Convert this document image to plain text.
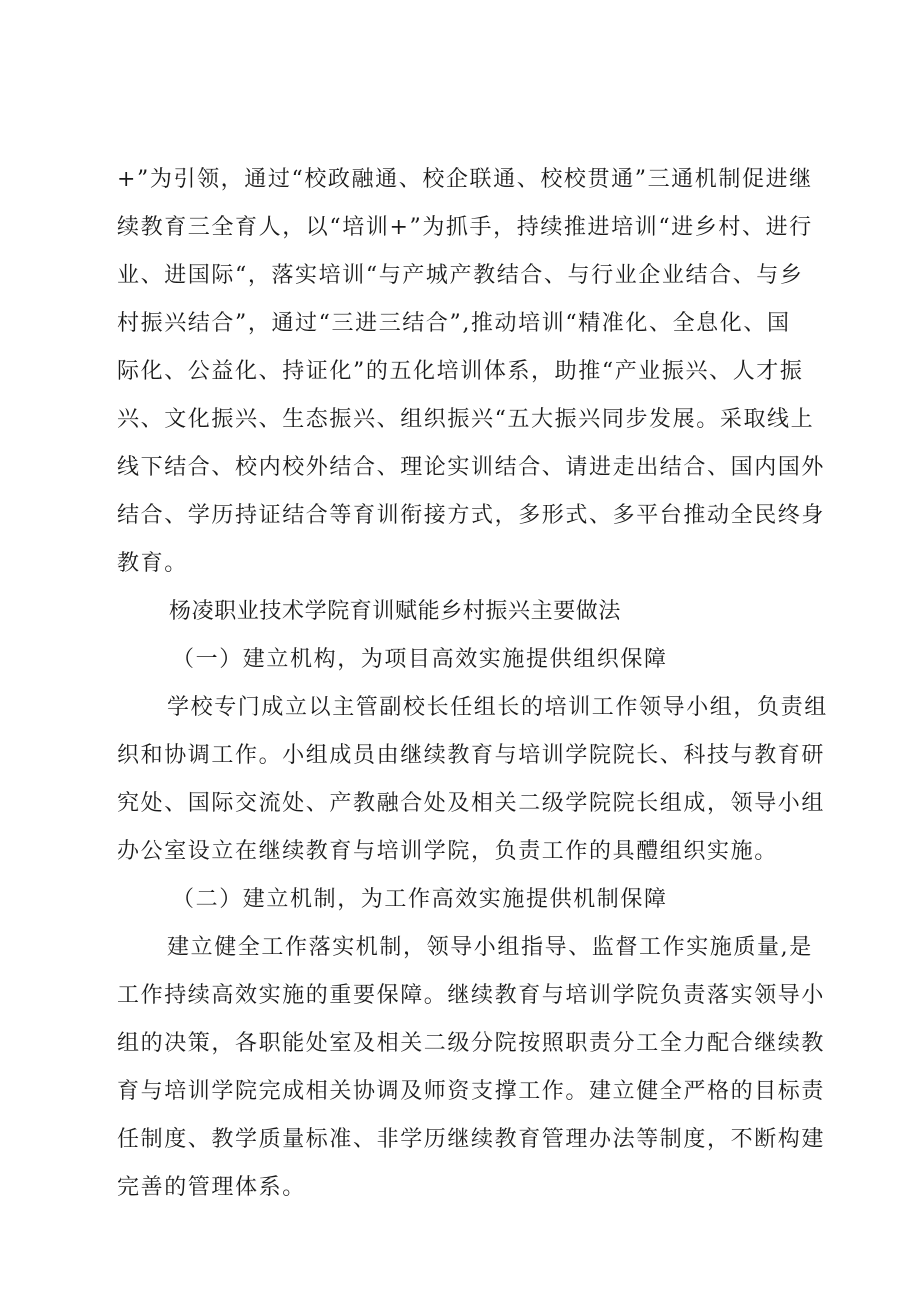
+”为引领，通过“校政融通、校企联通、校校贯通”三通机制促进继
续教育三全育人，以“培训+”为抓手，持续推进培训“进乡村、进行
业、进国际“，落实培训“与产城产教结合、与行业企业结合、与乡
村振兴结合”，通过“三进三结合”,推动培训“精准化、全息化、国
际化、公益化、持证化”的五化培训体系，助推“产业振兴、人才振
兴、文化振兴、生态振兴、组织振兴“五大振兴同步发展。采取线上
线下结合、校内校外结合、理论实训结合、请进走出结合、国内国外
结合、学历持证结合等育训衔接方式，多形式、多平台推动全民终身
教育。
杨凌职业技术学院育训赋能乡村振兴主要做法
（一）建立机构，为项目高效实施提供组织保障
学校专门成立以主管副校长任组长的培训工作领导小组，负责组
织和协调工作。小组成员由继续教育与培训学院院长、科技与教育研
究处、国际交流处、产教融合处及相关二级学院院长组成，领导小组
办公室设立在继续教育与培训学院，负责工作的具醴组织实施。
（二）建立机制，为工作高效实施提供机制保障
建立健全工作落实机制，领导小组指导、监督工作实施质量,是
工作持续高效实施的重要保障。继续教育与培训学院负责落实领导小
组的决策，各职能处室及相关二级分院按照职责分工全力配合继续教
育与培训学院完成相关协调及师资支撑工作。建立健全严格的目标责
任制度、教学质量标准、非学历继续教育管理办法等制度，不断构建
完善的管理体系。
